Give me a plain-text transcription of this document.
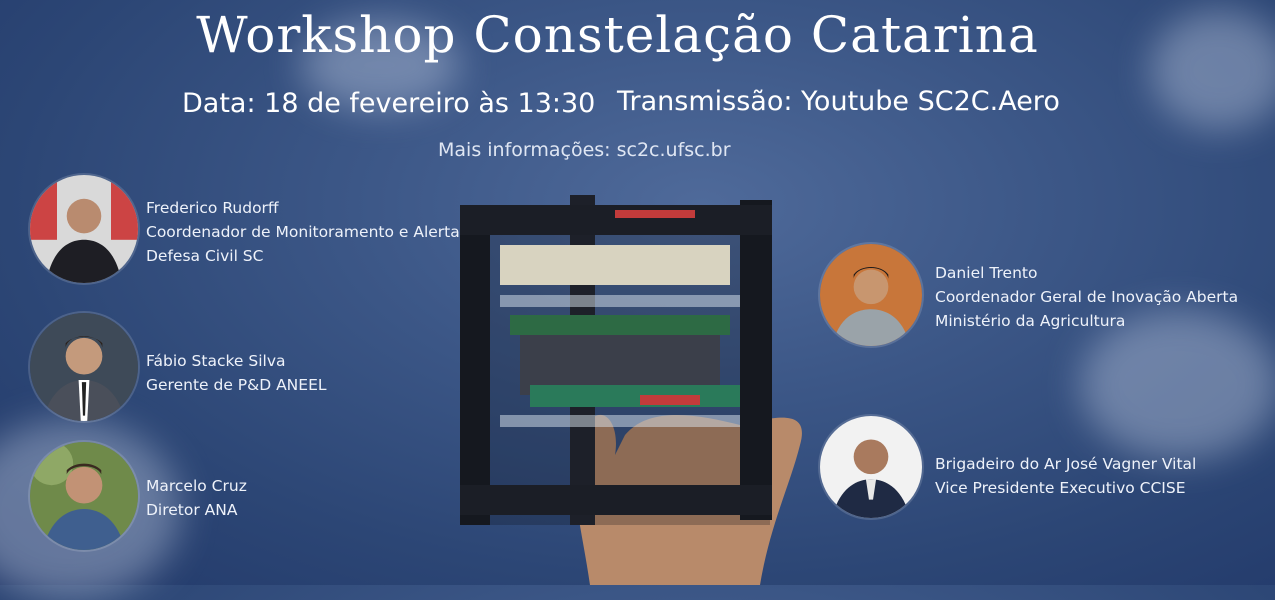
Workshop Constelação Catarina
Data: 18 de fevereiro às 13:30 Transmissão: Youtube SC2C.Aero
Mais informações: sc2c.ufsc.br
Frederico Rudorff
Coordenador de Monitoramento e Alerta
Defesa Civil SC
Fábio Stacke Silva
Gerente de P&D ANEEL
Marcelo Cruz
Diretor ANA
Daniel Trento
Coordenador Geral de Inovação Aberta
Ministério da Agricultura
Brigadeiro do Ar José Vagner Vital
Vice Presidente Executivo CCISE
